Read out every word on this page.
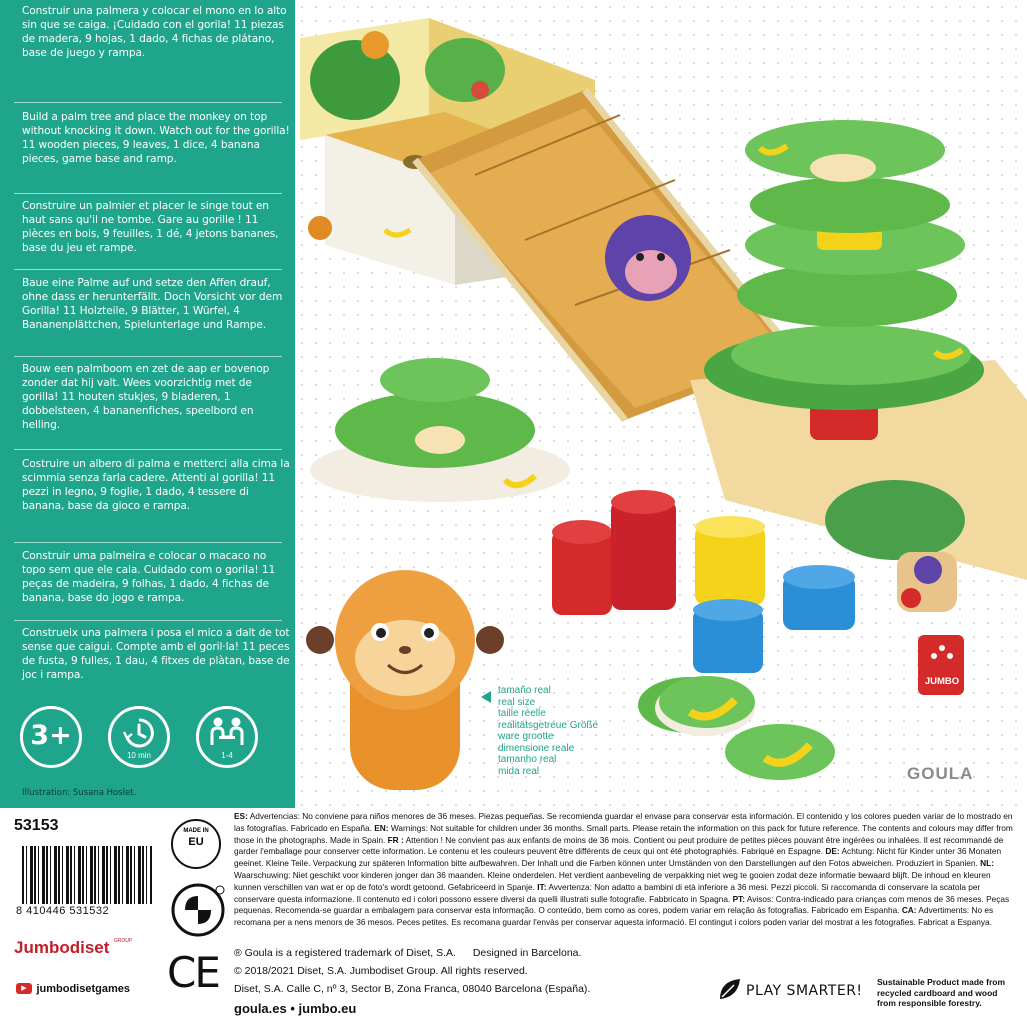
Construir una palmera y colocar el mono en lo alto sin que se caiga. ¡Cuidado con el gorila! 11 piezas de madera, 9 hojas, 1 dado, 4 fichas de plátano, base de juego y rampa.
Build a palm tree and place the monkey on top without knocking it down. Watch out for the gorilla! 11 wooden pieces, 9 leaves, 1 dice, 4 banana pieces, game base and ramp.
Construire un palmier et placer le singe tout en haut sans qu'il ne tombe. Gare au gorille ! 11 pièces en bois, 9 feuilles, 1 dé, 4 jetons bananes, base du jeu et rampe.
Baue eine Palme auf und setze den Affen drauf, ohne dass er herunterfällt. Doch Vorsicht vor dem Gorilla! 11 Holzteile, 9 Blätter, 1 Würfel, 4 Bananenplättchen, Spielunterlage und Rampe.
Bouw een palmboom en zet de aap er bovenop zonder dat hij valt. Wees voorzichtig met de gorilla! 11 houten stukjes, 9 bladeren, 1 dobbelsteen, 4 bananenfiches, speelbord en helling.
Costruire un albero di palma e metterci alla cima la scimmia senza farla cadere. Attenti al gorilla! 11 pezzi in legno, 9 foglie, 1 dado, 4 tessere di banana, base da gioco e rampa.
Construir uma palmeira e colocar o macaco no topo sem que ele caia. Cuidado com o gorila! 11 peças de madeira, 9 folhas, 1 dado, 4 fichas de banana, base do jogo e rampa.
Construeix una palmera i posa el mico a dalt de tot sense que caigui. Compte amb el goril·la! 11 peces de fusta, 9 fulles, 1 dau, 4 fitxes de plàtan, base de joc i rampa.
3+
10 min	1-4
Illustration: Susana Hoslet.
tamaño real
real size
taille réelle
realitätsgetreue Größe
ware grootte
dimensione reale
tamanho real
mida real
JUMBO
GOULA
53153
8 410446 531532
Jumbodiset $^{GROUP}$
▶ jumbodisetgames
MADE IN
EU
CE
ES: Advertencias: No conviene para niños menores de 36 meses. Piezas pequeñas. Se recomienda guardar el envase para conservar esta información. El contenido y los colores pueden variar de lo mostrado en las fotografías. Fabricado en España. EN: Warnings: Not suitable for children under 36 months. Small parts. Please retain the information on this pack for future reference. The contents and colours may differ from those in the photographs. Made in Spain. FR : Attention ! Ne convient pas aux enfants de moins de 36 mois. Contient ou peut produire de petites pièces pouvant être ingérées ou inhalées. Il est recommandé de garder l'emballage pour conserver cette information. Le contenu et les couleurs peuvent être différents de ceux qui ont été photographiés. Fabriqué en Espagne. DE: Achtung: Nicht für Kinder unter 36 Monaten geeinet. Kleine Teile. Verpackung zur späteren Information bitte aufbewahren. Der Inhalt und die Farben können unter Umständen von den Darstellungen auf den Fotos abweichen. Produziert in Spanien. NL: Waarschuwing: Niet geschikt voor kinderen jonger dan 36 maanden. Kleine onderdelen. Het verdient aanbeveling de verpakking niet weg te gooien zodat deze informatie bewaard blijft. De inhoud en kleuren kunnen verschillen van wat er op de foto's wordt getoond. Gefabriceerd in Spanje. IT: Avvertenza: Non adatto a bambini di età inferiore a 36 mesi. Pezzi piccoli. Si raccomanda di conservare la scatola per conservare questa informazione. Il contenuto ed i colori possono essere diversi da quelli illustrati sulle fotografie. Fabbricato in Spagna. PT: Avisos: Contra-indicado para crianças com menos de 36 meses. Peças pequenas. Recomenda-se guardar a embalagem para conservar esta informação. O conteúdo, bem como as cores, podem variar em relação às fotografias. Fabricado em Espanha. CA: Advertiments: No es recomana per a nens menors de 36 mesos. Peces petites. Es recomana guardar l'envàs per conservar aquesta informació. El contingut i colors poden variar del mostrat a les fotografies. Fabricat a Espanya.
® Goula is a registered trademark of Diset, S.A. Designed in Barcelona.
© 2018/2021 Diset, S.A. Jumbodiset Group. All rights reserved.
Diset, S.A. Calle C, nº 3, Sector B, Zona Franca, 08040 Barcelona (España).
goula.es • jumbo.eu
PLAY SMARTER!
Sustainable Product made from recycled cardboard and wood from responsible forestry.
